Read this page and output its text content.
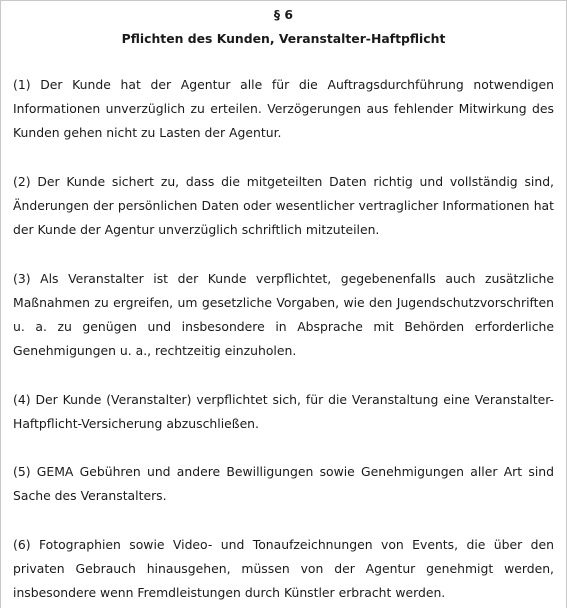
§ 6

Pflichten des Kunden, Veranstalter-Haftpflicht

(1) Der Kunde hat der Agentur alle für die Auftragsdurchführung notwendigen Informationen unverzüglich zu erteilen. Verzögerungen aus fehlender Mitwirkung des Kunden gehen nicht zu Lasten der Agentur.

(2) Der Kunde sichert zu, dass die mitgeteilten Daten richtig und vollständig sind, Änderungen der persönlichen Daten oder wesentlicher vertraglicher Informationen hat der Kunde der Agentur unverzüglich schriftlich mitzuteilen.

(3) Als Veranstalter ist der Kunde verpflichtet, gegebenenfalls auch zusätzliche Maßnahmen zu ergreifen, um gesetzliche Vorgaben, wie den Jugendschutzvorschriften u. a. zu genügen und insbesondere in Absprache mit Behörden erforderliche Genehmigungen u. a., rechtzeitig einzuholen.

(4) Der Kunde (Veranstalter) verpflichtet sich, für die Veranstaltung eine Veranstalter-Haftpflicht-Versicherung abzuschließen.

(5) GEMA Gebühren und andere Bewilligungen sowie Genehmigungen aller Art sind Sache des Veranstalters.

(6) Fotographien sowie Video- und Tonaufzeichnungen von Events, die über den privaten Gebrauch hinausgehen, müssen von der Agentur genehmigt werden, insbesondere wenn Fremdleistungen durch Künstler erbracht werden.
